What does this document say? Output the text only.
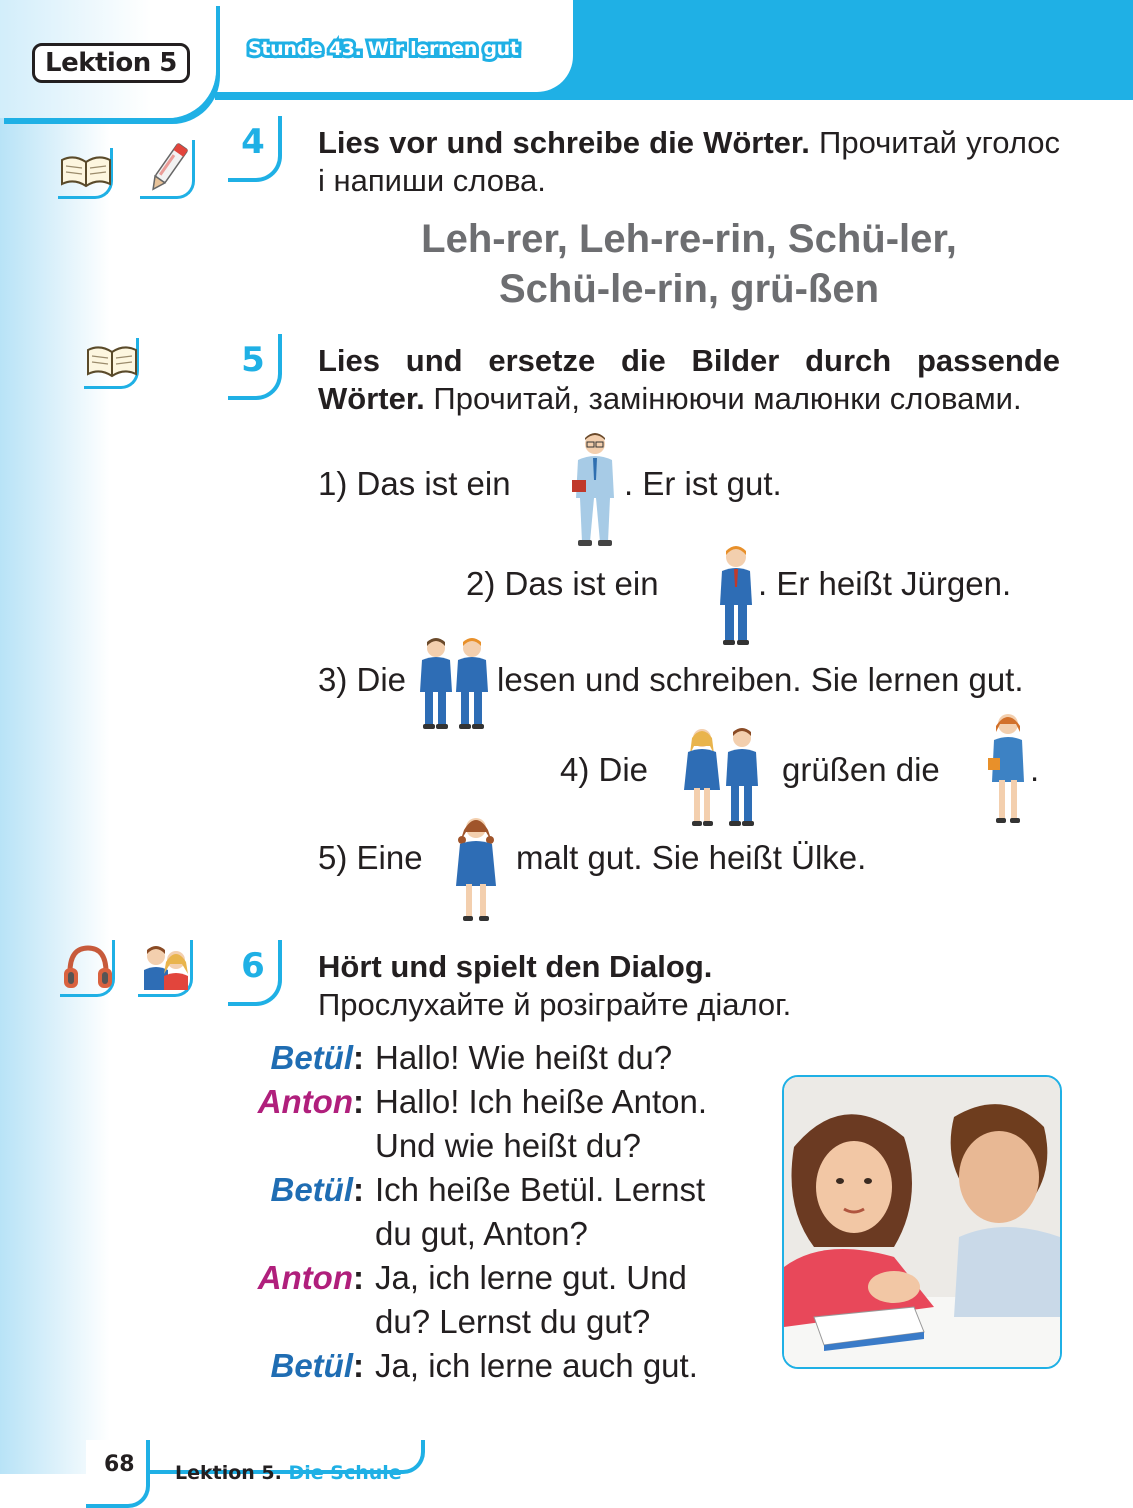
Lektion 5	Stunde 43. Wir lernen gut
4	Lies vor und schreibe die Wörter. Прочитай уголос і напиши слова.
Leh-rer, Leh-re-rin, Schü-ler,
Schü-le-rin, grü-ßen
5	Lies und ersetze die Bilder durch passende Wörter. Прочитай, замінюючи малюнки словами.
1) Das ist ein	. Er ist gut.
2) Das ist ein	. Er heißt Jürgen.
3) Die	lesen und schreiben. Sie lernen gut.
4) Die	grüßen die	.
5) Eine	malt gut. Sie heißt Ülke.
6	Hört und spielt den Dialog.
Прослухайте й розіграйте діалог.
Betül: Hallo! Wie heißt du?
Anton: Hallo! Ich heiße Anton.
Und wie heißt du?
Betül: Ich heiße Betül. Lernst
du gut, Anton?
Anton: Ja, ich lerne gut. Und
du? Lernst du gut?
Betül: Ja, ich lerne auch gut.
68 Lektion 5. Die Schule
